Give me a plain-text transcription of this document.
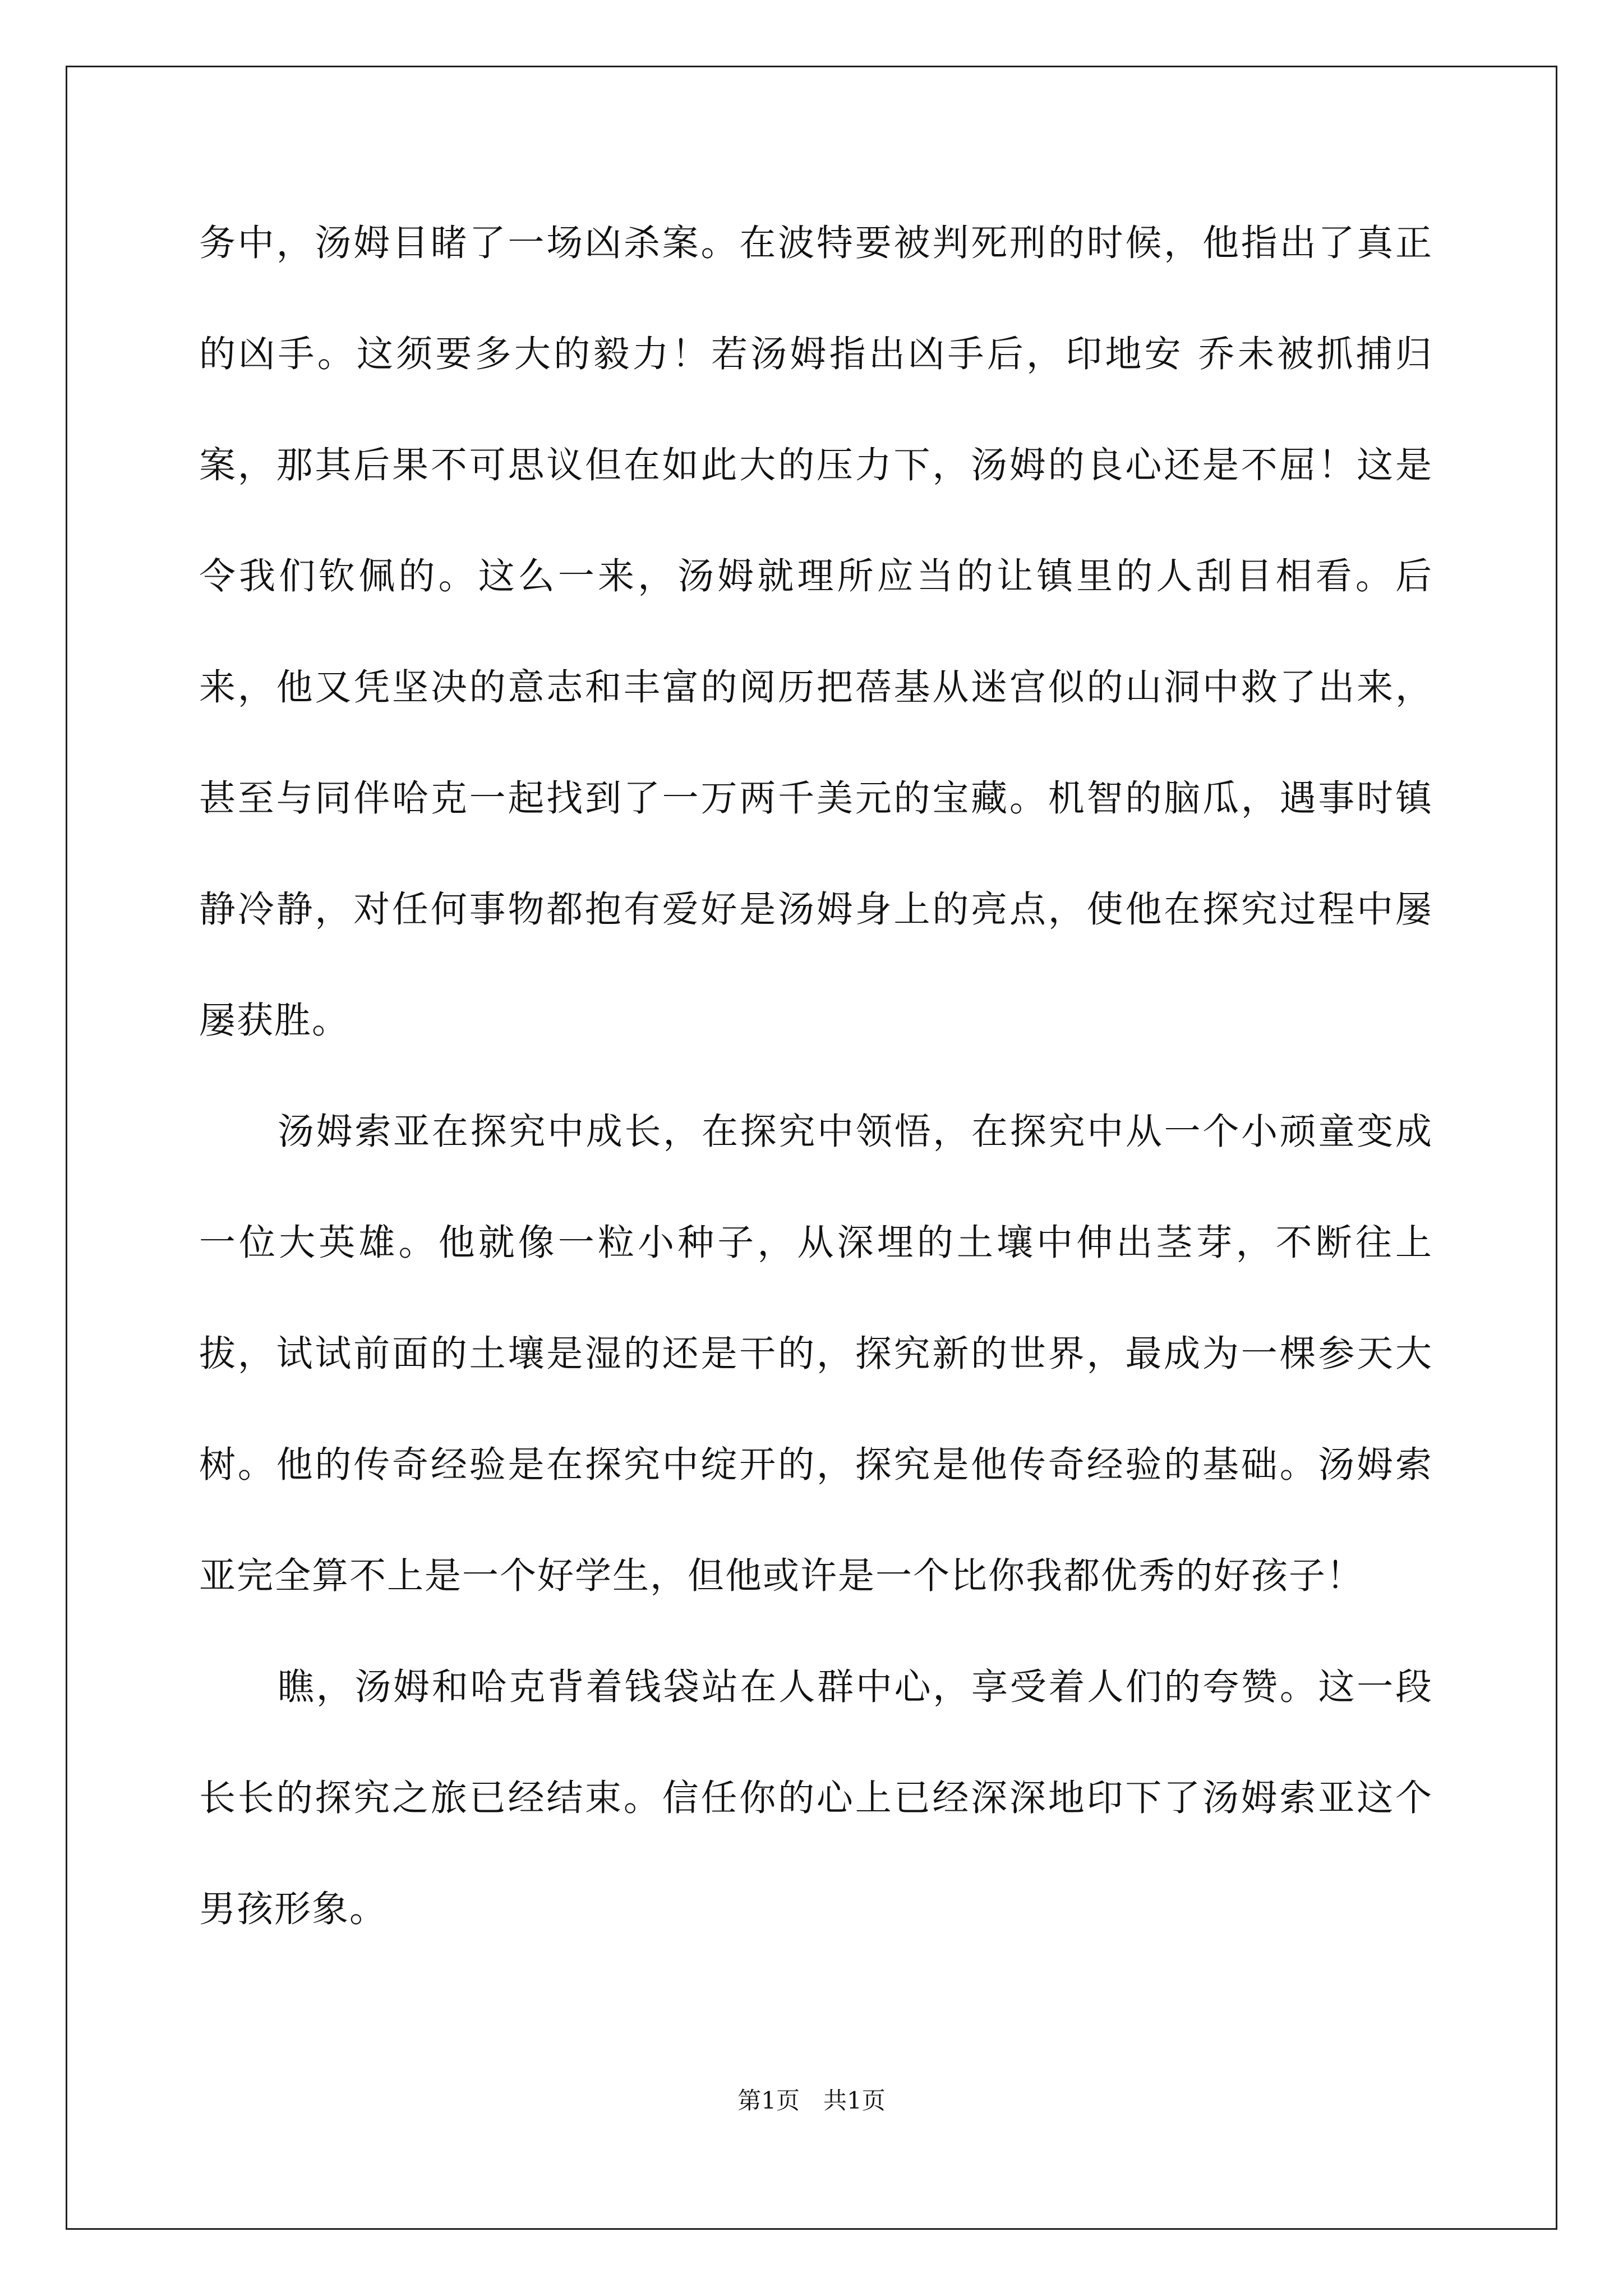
务中，汤姆目睹了一场凶杀案。在波特要被判死刑的时候，他指出了真正的凶手。这须要多大的毅力！若汤姆指出凶手后，印地安 乔未被抓捕归案，那其后果不可思议但在如此大的压力下，汤姆的良心还是不屈！这是令我们钦佩的。这么一来，汤姆就理所应当的让镇里的人刮目相看。后来，他又凭坚决的意志和丰富的阅历把蓓基从迷宫似的山洞中救了出来，甚至与同伴哈克一起找到了一万两千美元的宝藏。机智的脑瓜，遇事时镇静冷静，对任何事物都抱有爱好是汤姆身上的亮点，使他在探究过程中屡屡获胜。

汤姆索亚在探究中成长，在探究中领悟，在探究中从一个小顽童变成一位大英雄。他就像一粒小种子，从深埋的土壤中伸出茎芽，不断往上拔，试试前面的土壤是湿的还是干的，探究新的世界，最成为一棵参天大树。他的传奇经验是在探究中绽开的，探究是他传奇经验的基础。汤姆索亚完全算不上是一个好学生，但他或许是一个比你我都优秀的好孩子！

瞧，汤姆和哈克背着钱袋站在人群中心，享受着人们的夸赞。这一段长长的探究之旅已经结束。信任你的心上已经深深地印下了汤姆索亚这个男孩形象。

第1页　共1页
